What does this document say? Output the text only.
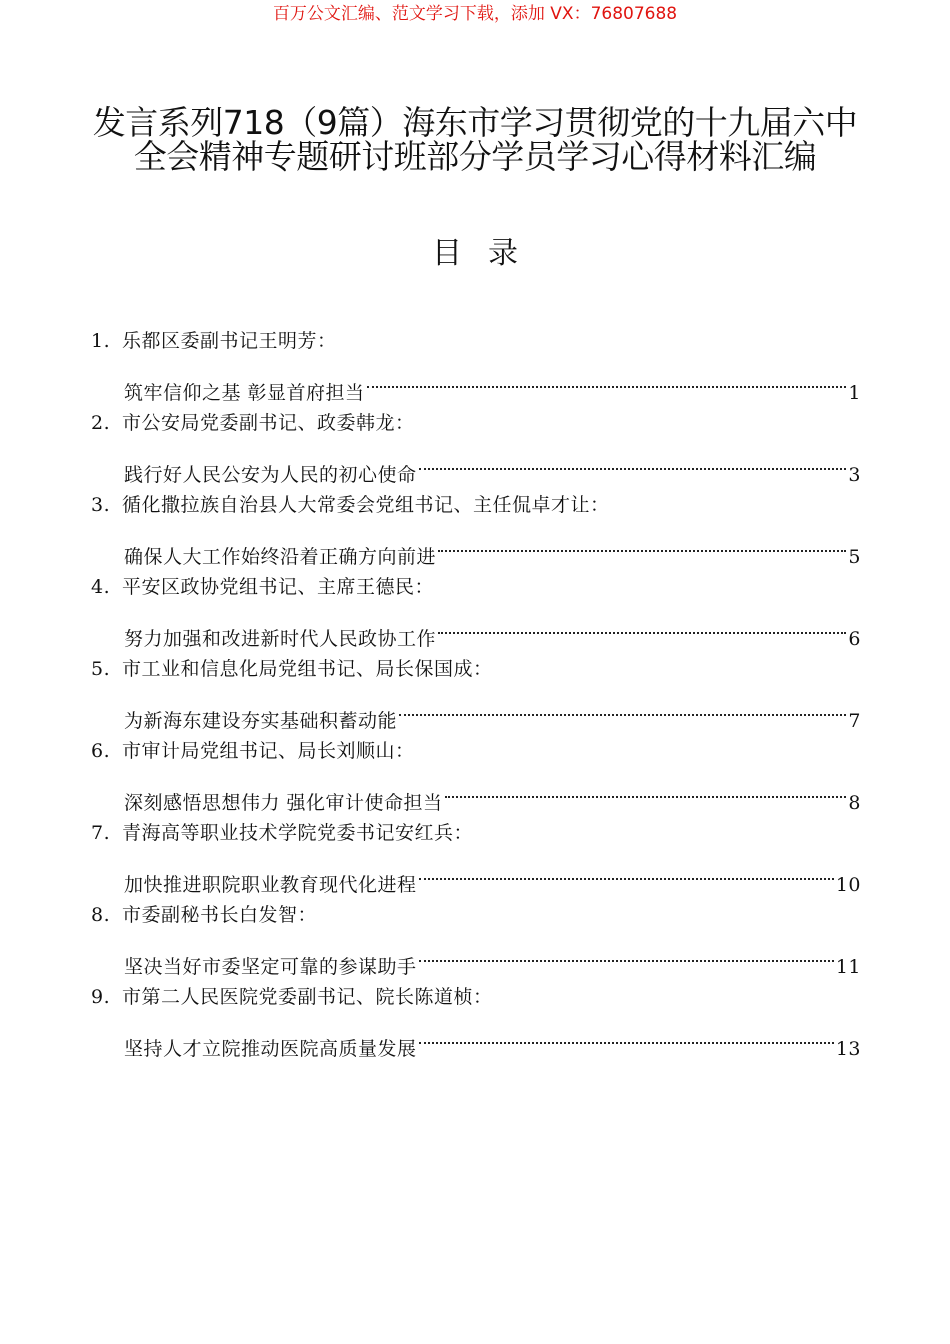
百万公文汇编、范文学习下载，添加 VX：76807688
发言系列718（9篇）海东市学习贯彻党的十九届六中全会精神专题研讨班部分学员学习心得材料汇编
目录
1. 乐都区委副书记王明芳：
筑牢信仰之基 彰显首府担当	1
2. 市公安局党委副书记、政委韩龙：
践行好人民公安为人民的初心使命	3
3. 循化撒拉族自治县人大常委会党组书记、主任侃卓才让：
确保人大工作始终沿着正确方向前进	5
4. 平安区政协党组书记、主席王德民：
努力加强和改进新时代人民政协工作	6
5. 市工业和信息化局党组书记、局长保国成：
为新海东建设夯实基础积蓄动能	7
6. 市审计局党组书记、局长刘顺山：
深刻感悟思想伟力 强化审计使命担当	8
7. 青海高等职业技术学院党委书记安红兵：
加快推进职院职业教育现代化进程	10
8. 市委副秘书长白发智：
坚决当好市委坚定可靠的参谋助手	11
9. 市第二人民医院党委副书记、院长陈道桢：
坚持人才立院推动医院高质量发展	13
